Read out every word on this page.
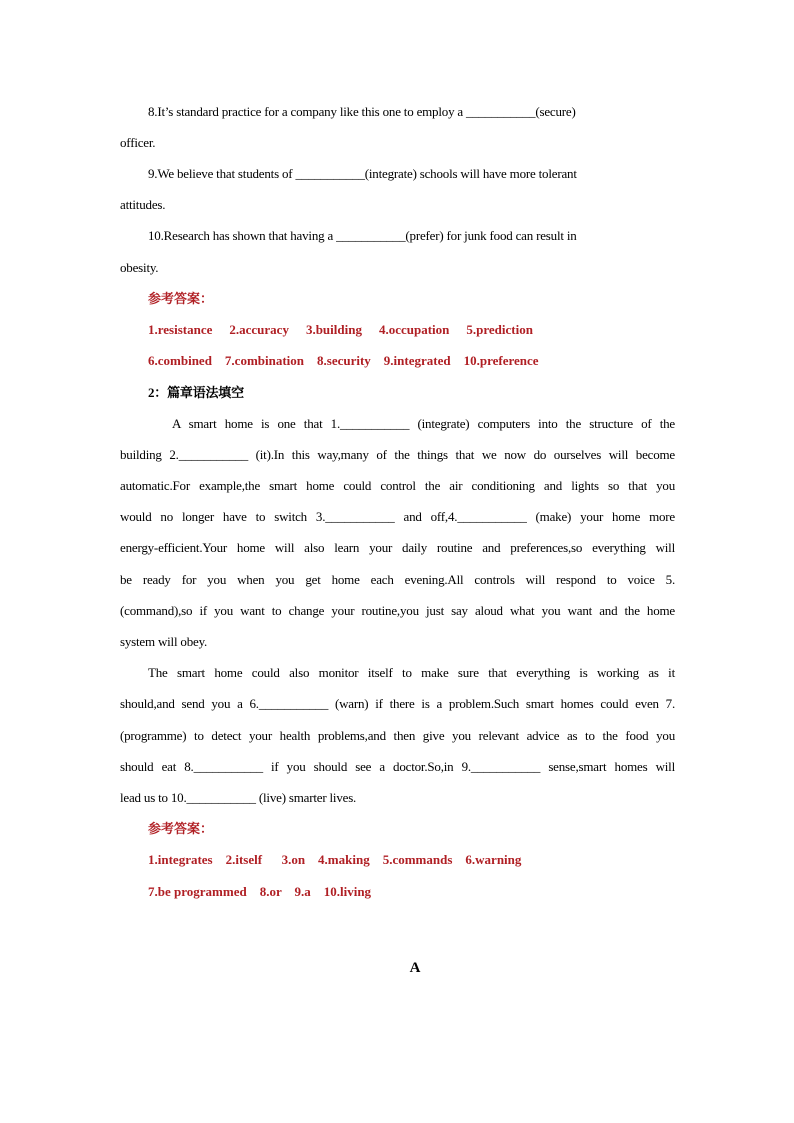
8.It’s standard practice for a company like this one to employ a ___________(secure)
officer.
9.We believe that students of ___________(integrate) schools will have more tolerant
attitudes.
10.Research has shown that having a ___________(prefer) for junk food can result in
obesity.
参考答案：
1.resistance    2.accuracy    3.building    4.occupation    5.prediction
6.combined    7.combination    8.security    9.integrated    10.preference
2：篇章语法填空
A smart home is one that 1.___________ (integrate) computers into the structure of the
building 2.___________ (it).In this way,many of the things that we now do ourselves will become
automatic.For example,the smart home could control the air conditioning and lights so that you
would no longer have to switch 3.___________ and off,4.___________ (make) your home more
energy-efficient.Your home will also learn your daily routine and preferences,so everything will
be ready for you when you get home each evening.All controls will respond to voice 5.
(command),so if you want to change your routine,you just say aloud what you want and the home
system will obey.
The smart home could also monitor itself to make sure that everything is working as it
should,and send you a 6.___________ (warn) if there is a problem.Such smart homes could even 7.
(programme) to detect your health problems,and then give you relevant advice as to the food you
should eat 8.___________ if you should see a doctor.So,in 9.___________ sense,smart homes will
lead us to 10.___________ (live) smarter lives.
参考答案：
1.integrates    2.itself      3.on    4.making    5.commands    6.warning
7.be programmed    8.or    9.a    10.living
A
